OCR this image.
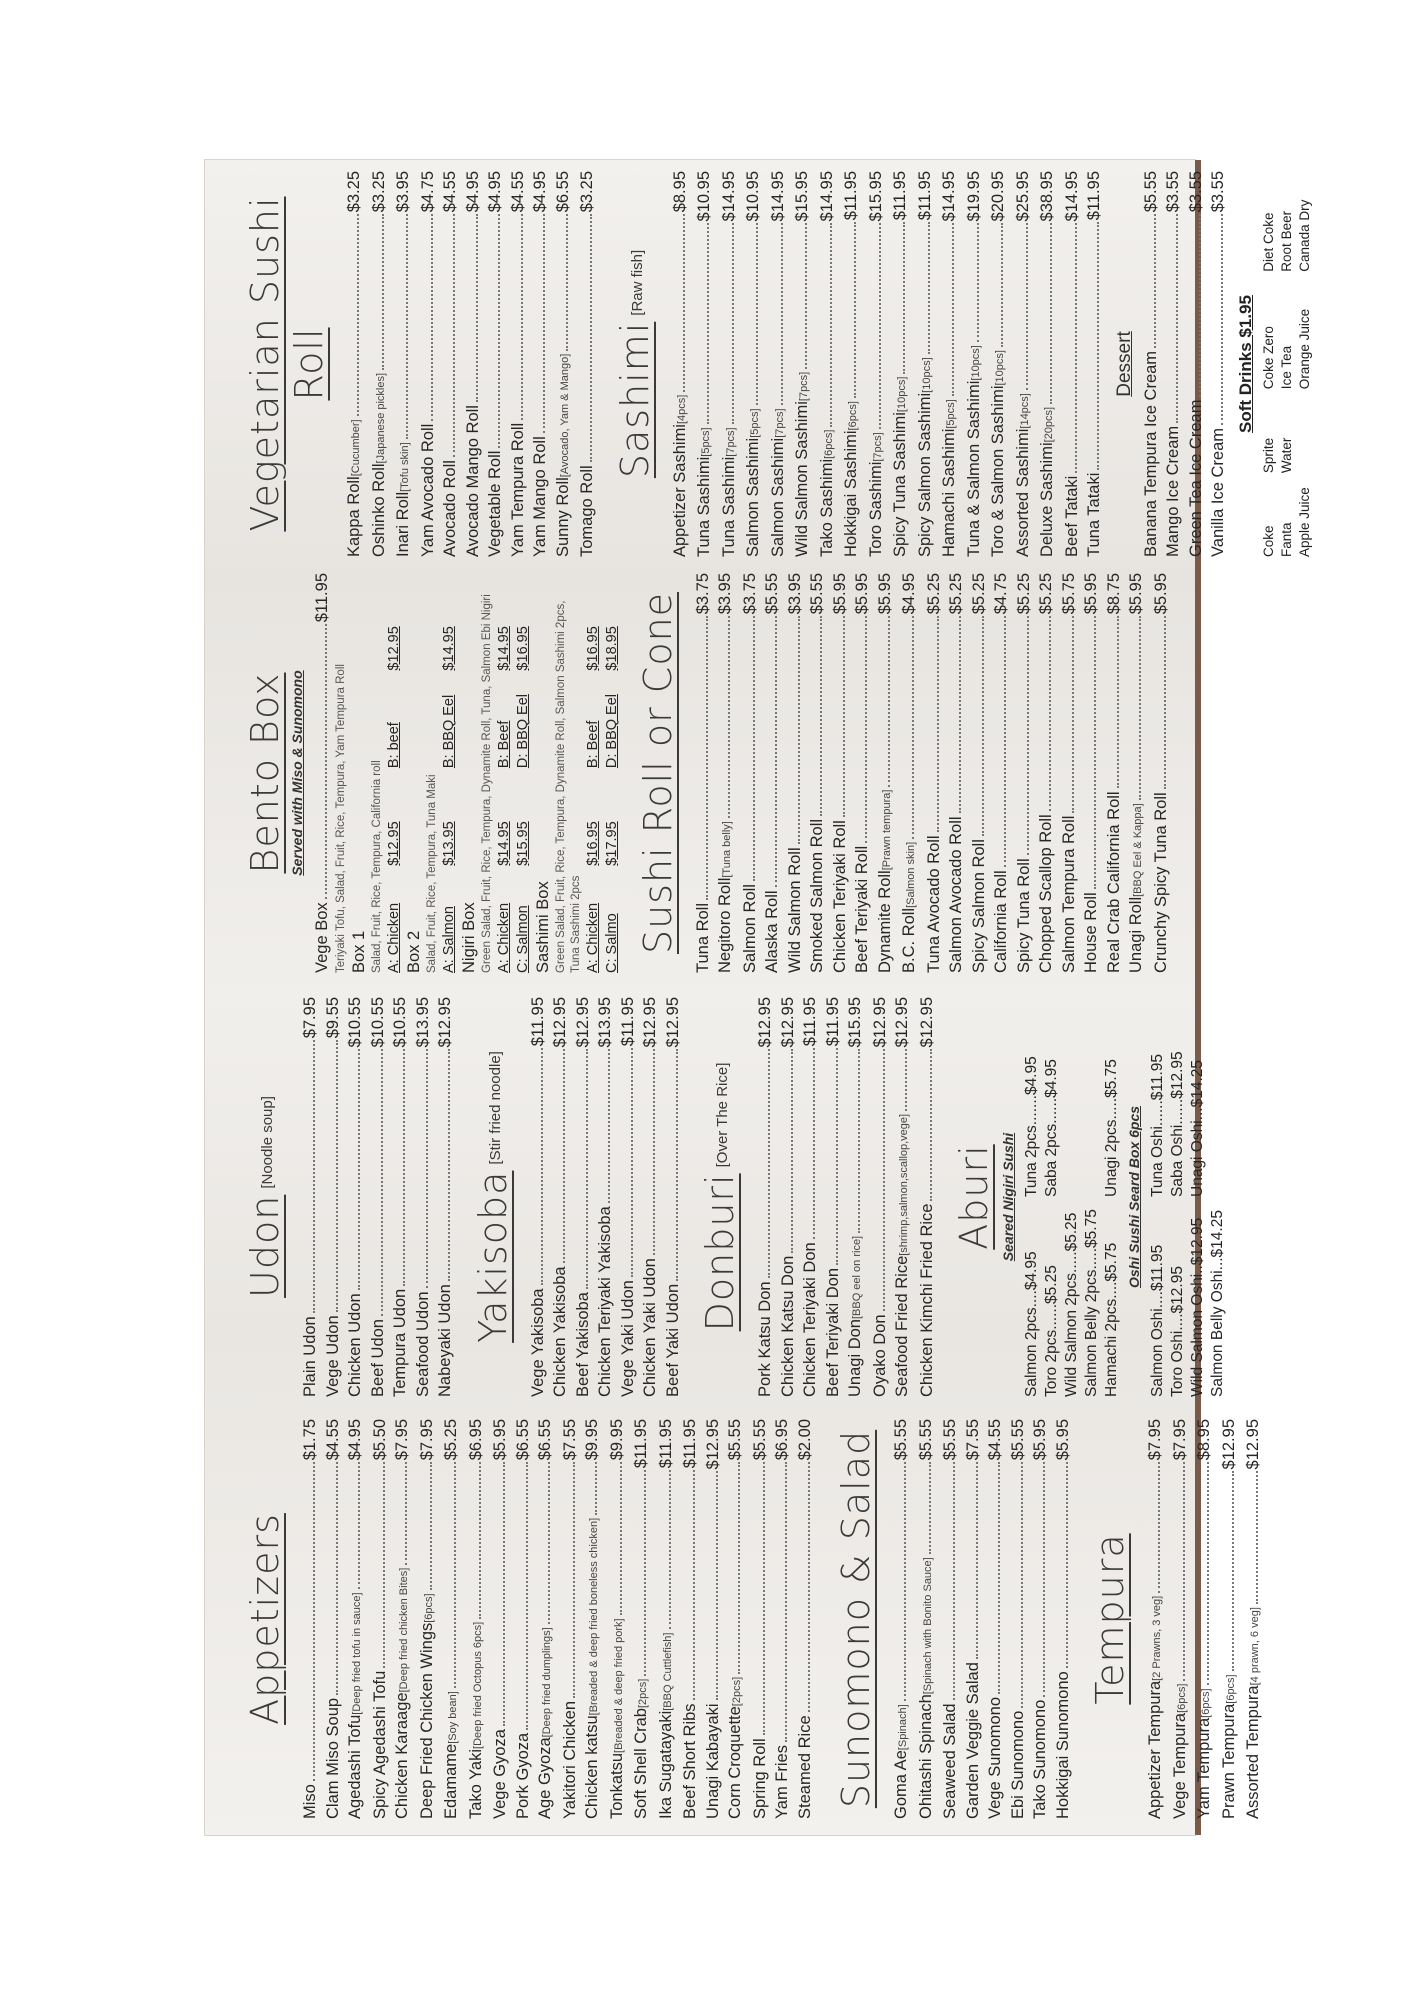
Appetizers
Miso
$1.75
Clam Miso Soup
$4.55
Agedashi Tofu
[Deep fried tofu in sauce]
$4.95
Spicy Agedashi Tofu
$5.50
Chicken Karaage
[Deep fried chicken Bites]
$7.95
Deep Fried Chicken Wings
[6pcs]
$7.95
Edamame
[Soy bean]
$5.25
Tako Yaki
[Deep fried Octopus 6pcs]
$6.95
Vege Gyoza
$5.95
Pork Gyoza
$6.55
Age Gyoza
[Deep fried dumplings]
$6.55
Yakitori Chicken
$7.55
Chicken katsu
[Breaded & deep fried boneless chicken]
$9.95
Tonkatsu
[Breaded & deep fried pork]
$9.95
Soft Shell Crab
[2pcs]
$11.95
Ika Sugatayaki
[BBQ Cuttlefish]
$11.95
Beef Short Ribs
$11.95
Unagi Kabayaki
$12.95
Corn Croquette
[2pcs]
$5.55
Spring Roll
$5.55
Yam Fries
$6.95
Steamed Rice
$2.00 Sunomono & Salad Goma Ae
[Spinach]
$5.55
Ohitashi Spinach
[Spinach with Bonito Sauce]
$5.55
Seaweed Salad
$5.55
Garden Veggie Salad
$7.55
Vege Sunomono
$4.55
Ebi Sunomono
$5.55
Tako Sunomono
$5.95
Hokkigai Sunomono
$5.95
Tempura
Appetizer Tempura
[2 Prawns, 3 veg]
$7.95
Vege Tempura
[6pcs]
$7.95
Yam Tempura
[6pcs]
$8.95
Prawn Tempura
[6pcs]
$12.95
Assorted Tempura
[4 prawn, 6 veg]
$12.95
Udon[Noodle soup]
Plain Udon
$7.95
Vege Udon
$9.55
Chicken Udon
$10.55
Beef Udon
$10.55
Tempura Udon
$10.55
Seafood Udon
$13.95
Nabeyaki Udon
$12.95
Yakisoba[Stir fried noodle]
Vege Yakisoba
$11.95
Chicken Yakisoba
$12.95
Beef Yakisoba
$12.95
Chicken Teriyaki Yakisoba
$13.95
Vege Yaki Udon
$11.95
Chicken Yaki Udon
$12.95
Beef Yaki Udon
$12.95
Donburi[Over The Rice]
Pork Katsu Don
$12.95
Chicken Katsu Don
$12.95
Chicken Teriyaki Don
$11.95
Beef Teriyaki Don
$11.95
Unagi Don
[BBQ eel on rice]
$15.95
Oyako Don
$12.95
Seafood Fried Rice
[shrimp,salmon,scallop,vege]
$12.95
Chicken Kimchi Fried Rice
$12.95
Aburi Seared Nigiri Sushi
Salmon 2pcs....$4.95
Tuna 2pcs.......$4.95
Toro 2pcs......$5.25
Saba 2pcs......$4.95
Wild Salmon 2pcs.....$5.25 Salmon Belly 2pcs.....$5.75 Hamachi 2pcs....$5.75
Unagi 2pcs.....$5.75 Oshi Sushi Seard Box 6pcs
Salmon Oshi....$11.95
Tuna Oshi......$11.95
Toro Oshi....$12.95
Saba Oshi......$12.95
Wild Salmon Oshi..$12.95
Unagi Oshi...$14.25
Salmon Belly Oshi...$14.25
Bento Box Served with Miso & Sunomono
Vege Box
$11.95
Teriyaki Tofu, Salad, Fruit, Rice, Tempura, Yam Tempura Roll Box 1 Salad, Fruit, Rice, Tempura, California roll A: Chicken
$12.95
B: beef
$12.95
Box 2 Salad, Fruit, Rice, Tempura, Tuna Maki A: Salmon
$13.95
B: BBQ Eel
$14.95
Nigiri Box Green Salad, Fruit, Rice, Tempura, Dynamite Roll, Tuna, Salmon Ebi Nigiri A: Chicken
$14.95
B: Beef
$14.95
C: Salmon
$15.95
D: BBQ Eel
$16.95
Sashimi Box Green Salad, Fruit, Rice, Tempura, Dynamite Roll, Salmon Sashimi 2pcs, Tuna Sashimi 2pcs A: Chicken
$16.95
B: Beef
$16.95
C: Salmo
$17.95
D: BBQ Eel
$18.95 Sushi Roll or Cone Tuna Roll
$3.75
Negitoro Roll
[Tuna belly]
$3.95
Salmon Roll
$3.75
Alaska Roll
$5.55
Wild Salmon Roll
$3.95
Smoked Salmon Roll
$5.55
Chicken Teriyaki Roll
$5.95
Beef Teriyaki Roll
$5.95
Dynamite Roll
[Prawn tempura]
$5.95
B.C. Roll
[Salmon skin]
$4.95
Tuna Avocado Roll
$5.25
Salmon Avocado Roll
$5.25
Spicy Salmon Roll
$5.25
California Roll
$4.75
Spicy Tuna Roll
$5.25
Chopped Scallop Roll
$5.25
Salmon Tempura Roll
$5.75
House Roll
$5.95
Real Crab California Roll
$8.75
Unagi Roll
[BBQ Eel & Kappa]
$5.95
Crunchy Spicy Tuna Roll
$5.95
Vegetarian Sushi Roll
Kappa Roll
[Cucumber]
$3.25
Oshinko Roll
[Japanese pickles]
$3.25
Inari Roll
[Tofu skin]
$3.95
Yam Avocado Roll
$4.75
Avocado Roll
$4.55
Avocado Mango Roll
$4.95
Vegetable Roll
$4.95
Yam Tempura Roll
$4.55
Yam Mango Roll
$4.95
Sunny Roll
[Avocado, Yam & Mango]
$6.55
Tomago Roll
$3.25
Sashimi[Raw fish]
Appetizer Sashimi
[4pcs]
$8.95
Tuna Sashimi
[5pcs]
$10.95
Tuna Sashimi
[7pcs]
$14.95
Salmon Sashimi
[5pcs]
$10.95
Salmon Sashimi
[7pcs]
$14.95
Wild Salmon Sashimi
[7pcs]
$15.95
Tako Sashimi
[6pcs]
$14.95
Hokkigai Sashimi
[6pcs]
$11.95
Toro Sashimi
[7pcs]
$15.95
Spicy Tuna Sashimi
[10pcs]
$11.95
Spicy Salmon Sashimi
[10pcs]
$11.95
Hamachi Sashimi
[5pcs]
$14.95
Tuna & Salmon Sashimi
[10pcs]
$19.95
Toro & Salmon Sashimi
[10pcs]
$20.95
Assorted Sashimi
[14pcs]
$25.95
Deluxe Sashimi
[20pcs]
$38.95
Beef Tataki
$14.95
Tuna Tataki
$11.95
Dessert Banana Tempura Ice Cream
$5.55
Mango Ice Cream
$3.55
Green Tea Ice Cream
$3.55
Vanilla Ice Cream
$3.55
Soft Drinks $1.95
Coke
Sprite
Coke Zero
Diet Coke
Fanta
Water
Ice Tea
Root Beer
Apple Juice
Orange Juice
Canada Dry
